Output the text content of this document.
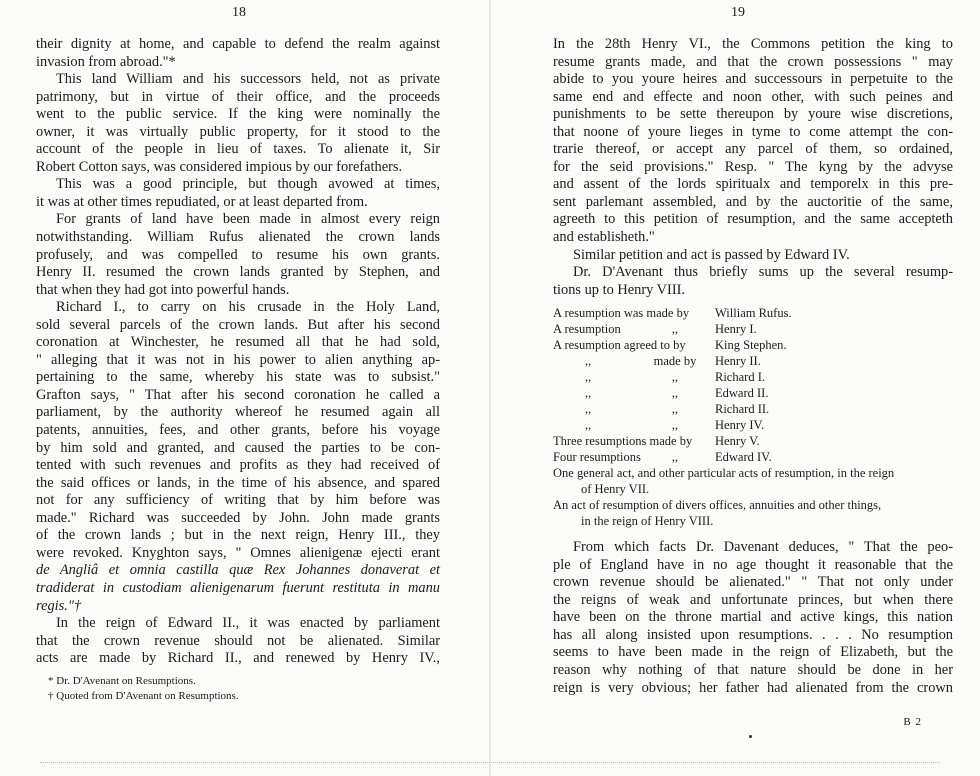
18
their dignity at home, and capable to defend the realm against
invasion from abroad."*
This land William and his successors held, not as private
patrimony, but in virtue of their office, and the proceeds
went to the public service. If the king were nominally the
owner, it was virtually public property, for it stood to the
account of the people in lieu of taxes. To alienate it, Sir
Robert Cotton says, was considered impious by our forefathers.
This was a good principle, but though avowed at times,
it was at other times repudiated, or at least departed from.
For grants of land have been made in almost every reign
notwithstanding. William Rufus alienated the crown lands
profusely, and was compelled to resume his own grants.
Henry II. resumed the crown lands granted by Stephen, and
that when they had got into powerful hands.
Richard I., to carry on his crusade in the Holy Land,
sold several parcels of the crown lands. But after his second
coronation at Winchester, he resumed all that he had sold,
" alleging that it was not in his power to alien anything ap-
pertaining to the same, whereby his state was to subsist."
Grafton says, " That after his second coronation he called a
parliament, by the authority whereof he resumed again all
patents, annuities, fees, and other grants, before his voyage
by him sold and granted, and caused the parties to be con-
tented with such revenues and profits as they had received of
the said offices or lands, in the time of his absence, and spared
not for any sufficiency of writing that by him before was
made." Richard was succeeded by John. John made grants
of the crown lands ; but in the next reign, Henry III., they
were revoked. Knyghton says, " Omnes alienigenæ ejecti erant
de Angliâ et omnia castilla quæ Rex Johannes donaverat et
tradiderat in custodiam alienigenarum fuerunt restituta in manu
regis."†
In the reign of Edward II., it was enacted by parliament
that the crown revenue should not be alienated. Similar
acts are made by Richard II., and renewed by Henry IV.,
* Dr. D'Avenant on Resumptions.
† Quoted from D'Avenant on Resumptions.
19
In the 28th Henry VI., the Commons petition the king to
resume grants made, and that the crown possessions " may
abide to you youre heires and successours in perpetuite to the
same end and effecte and noon other, with such peines and
punishments to be sette thereupon by youre wise discretions,
that noone of youre lieges in tyme to come attempt the con-
trarie thereof, or accept any parcel of them, so ordained,
for the seid provisions." Resp. " The kyng by the advyse
and assent of the lords spiritualx and temporelx in this pre-
sent parlemant assembled, and by the auctoritie of the same,
agreeth to this petition of resumption, and the same accepteth
and establisheth."
Similar petition and act is passed by Edward IV.
Dr. D'Avenant thus briefly sums up the several resump-
tions up to Henry VIII.
A resumption was made by William Rufus.
A resumption	,,	Henry I.
A resumption agreed to by King Stephen.
,,	made by Henry II.
,,	,,	Richard I.
,,	,,	Edward II.
,,	,,	Richard II.
,,	,,	Henry IV.
Three resumptions made by Henry V.
Four resumptions ,,	Edward IV.
One general act, and other particular acts of resumption, in the reign
of Henry VII.
An act of resumption of divers offices, annuities and other things,
in the reign of Henry VIII.
From which facts Dr. Davenant deduces, " That the peo-
ple of England have in no age thought it reasonable that the
crown revenue should be alienated." " That not only under
the reigns of weak and unfortunate princes, but when there
have been on the throne martial and active kings, this nation
has all along insisted upon resumptions. . . . No resumption
seems to have been made in the reign of Elizabeth, but the
reason why nothing of that nature should be done in her
reign is very obvious; her father had alienated from the crown
B 2
